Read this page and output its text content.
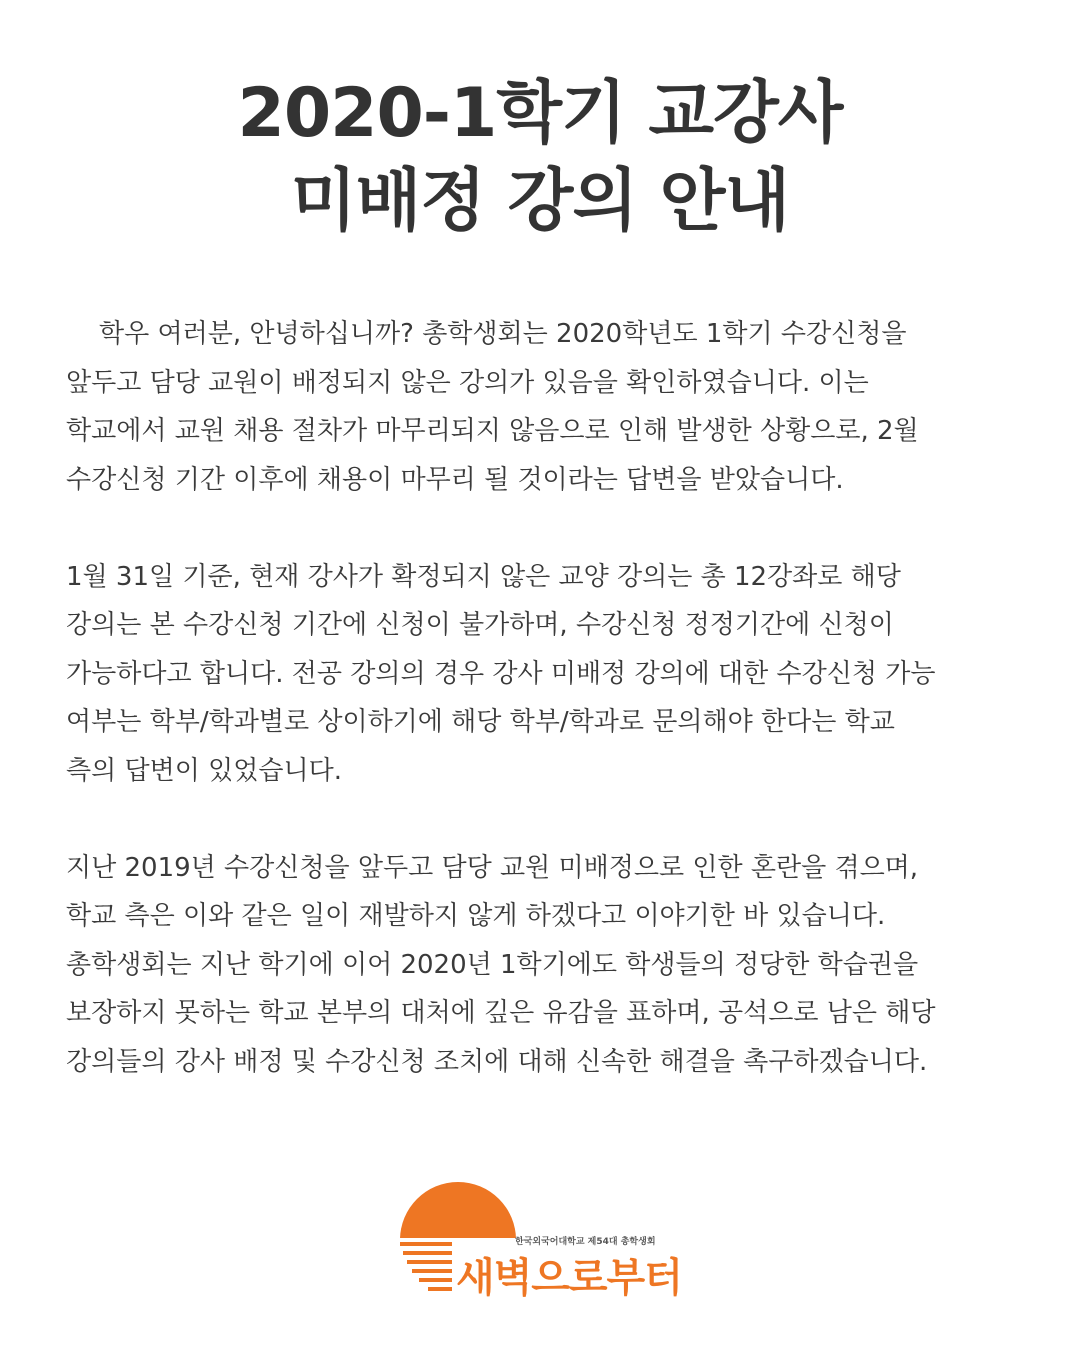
2020-1학기 교강사
미배정 강의 안내
학우 여러분, 안녕하십니까? 총학생회는 2020학년도 1학기 수강신청을
앞두고 담당 교원이 배정되지 않은 강의가 있음을 확인하였습니다. 이는
학교에서 교원 채용 절차가 마무리되지 않음으로 인해 발생한 상황으로, 2월
수강신청 기간 이후에 채용이 마무리 될 것이라는 답변을 받았습니다.
1월 31일 기준, 현재 강사가 확정되지 않은 교양 강의는 총 12강좌로 해당
강의는 본 수강신청 기간에 신청이 불가하며, 수강신청 정정기간에 신청이
가능하다고 합니다. 전공 강의의 경우 강사 미배정 강의에 대한 수강신청 가능
여부는 학부/학과별로 상이하기에 해당 학부/학과로 문의해야 한다는 학교
측의 답변이 있었습니다.
지난 2019년 수강신청을 앞두고 담당 교원 미배정으로 인한 혼란을 겪으며,
학교 측은 이와 같은 일이 재발하지 않게 하겠다고 이야기한 바 있습니다.
총학생회는 지난 학기에 이어 2020년 1학기에도 학생들의 정당한 학습권을
보장하지 못하는 학교 본부의 대처에 깊은 유감을 표하며, 공석으로 남은 해당
강의들의 강사 배정 및 수강신청 조치에 대해 신속한 해결을 촉구하겠습니다.
한국외국어대학교 제54대 총학생회
새벽으로부터
